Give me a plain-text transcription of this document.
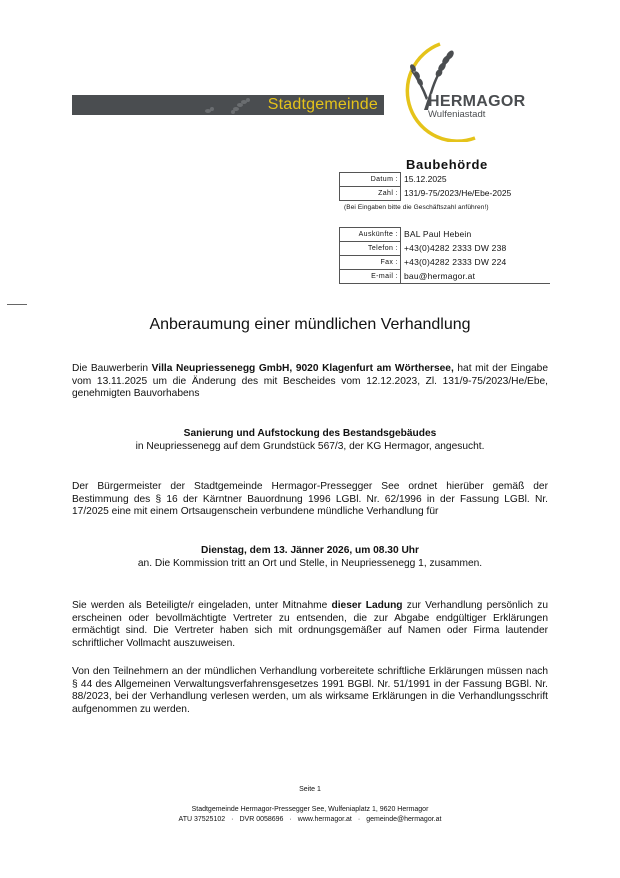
Stadtgemeinde	HERMAGOR
Wulfeniastadt
Baubehörde
Datum :	15.12.2025
Zahl :	131/9-75/2023/He/Ebe-2025
(Bei Eingaben bitte die Geschäftszahl anführen!)
Auskünfte :	BAL Paul Hebein
Telefon :	+43(0)4282 2333 DW 238
Fax :	+43(0)4282 2333 DW 224
E-mail :	bau@hermagor.at
Anberaumung einer mündlichen Verhandlung
Die Bauwerberin Villa Neupriessenegg GmbH, 9020 Klagenfurt am Wörthersee, hat mit der Eingabe vom 13.11.2025 um die Änderung des mit Bescheides vom 12.12.2023, Zl. 131/9-75/2023/He/Ebe, genehmigten Bauvorhabens
Sanierung und Aufstockung des Bestandsgebäudes
in Neupriessenegg auf dem Grundstück 567/3, der KG Hermagor, angesucht.
Der Bürgermeister der Stadtgemeinde Hermagor-Pressegger See ordnet hierüber gemäß der Bestimmung des § 16 der Kärntner Bauordnung 1996 LGBl. Nr. 62/1996 in der Fassung LGBl. Nr. 17/2025 eine mit einem Ortsaugenschein verbundene mündliche Verhandlung für
Dienstag, dem 13. Jänner 2026, um 08.30 Uhr
an. Die Kommission tritt an Ort und Stelle, in Neupriessenegg 1, zusammen.
Sie werden als Beteiligte/r eingeladen, unter Mitnahme dieser Ladung zur Verhandlung persönlich zu erscheinen oder bevollmächtigte Vertreter zu entsenden, die zur Abgabe endgültiger Erklärungen ermächtigt sind. Die Vertreter haben sich mit ordnungsgemäßer auf Namen oder Firma lautender schriftlicher Vollmacht auszuweisen.
Von den Teilnehmern an der mündlichen Verhandlung vorbereitete schriftliche Erklärungen müssen nach § 44 des Allgemeinen Verwaltungsverfahrensgesetzes 1991 BGBl. Nr. 51/1991 in der Fassung BGBl. Nr. 88/2023, bei der Verhandlung verlesen werden, um als wirksame Erklärungen in die Verhandlungsschrift aufgenommen zu werden.
Seite 1
Stadtgemeinde Hermagor-Pressegger See, Wulfeniaplatz 1, 9620 Hermagor
ATU 37525102 · DVR 0058696 · www.hermagor.at · gemeinde@hermagor.at
